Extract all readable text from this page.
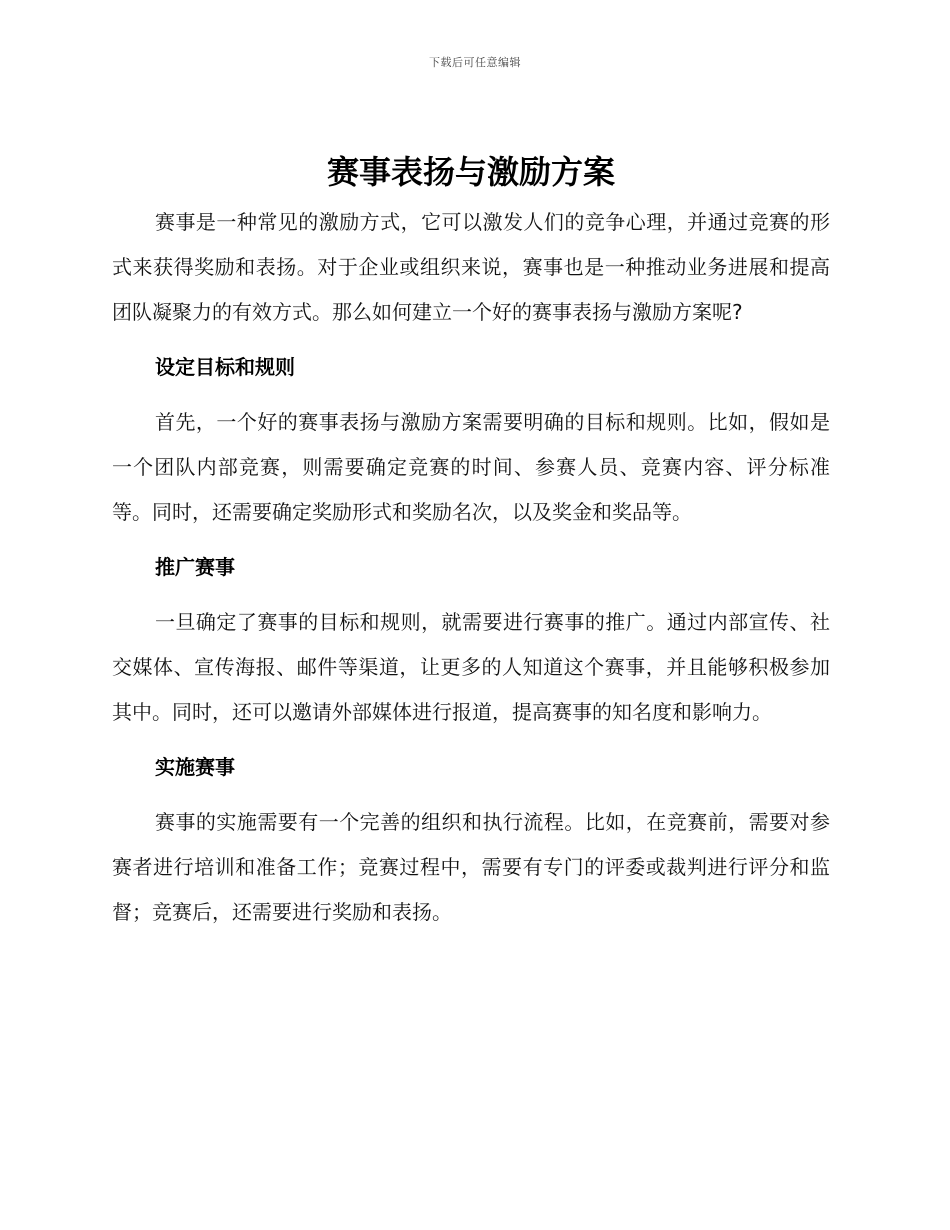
下载后可任意编辑
赛事表扬与激励方案

赛事是一种常见的激励方式，它可以激发人们的竞争心理，并通过竞赛的形式来获得奖励和表扬。对于企业或组织来说，赛事也是一种推动业务进展和提高团队凝聚力的有效方式。那么如何建立一个好的赛事表扬与激励方案呢?

设定目标和规则

首先，一个好的赛事表扬与激励方案需要明确的目标和规则。比如，假如是一个团队内部竞赛，则需要确定竞赛的时间、参赛人员、竞赛内容、评分标准等。同时，还需要确定奖励形式和奖励名次，以及奖金和奖品等。

推广赛事

一旦确定了赛事的目标和规则，就需要进行赛事的推广。通过内部宣传、社交媒体、宣传海报、邮件等渠道，让更多的人知道这个赛事，并且能够积极参加其中。同时，还可以邀请外部媒体进行报道，提高赛事的知名度和影响力。

实施赛事

赛事的实施需要有一个完善的组织和执行流程。比如，在竞赛前，需要对参赛者进行培训和准备工作；竞赛过程中，需要有专门的评委或裁判进行评分和监督；竞赛后，还需要进行奖励和表扬。
